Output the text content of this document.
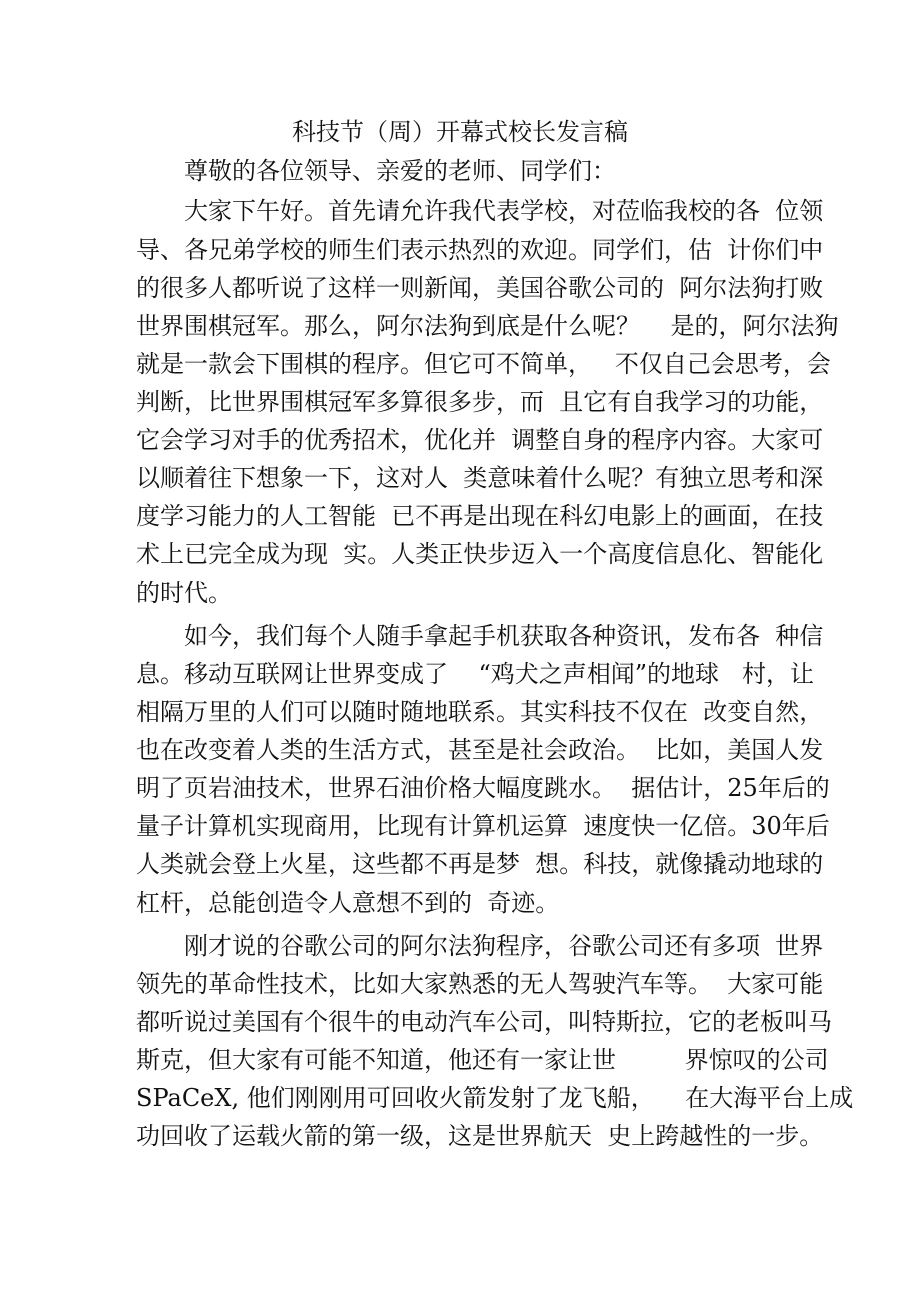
科技节（周）开幕式校长发言稿

尊敬的各位领导、亲爱的老师、同学们：

大家下午好。首先请允许我代表学校，对莅临我校的各  位领

导、各兄弟学校的师生们表示热烈的欢迎。同学们，估  计你们中

的很多人都听说了这样一则新闻，美国谷歌公司的  阿尔法狗打败

世界围棋冠军。那么，阿尔法狗到底是什么呢？    是的，阿尔法狗

就是一款会下围棋的程序。但它可不简单，   不仅自己会思考，会

判断，比世界围棋冠军多算很多步，而  且它有自我学习的功能，

它会学习对手的优秀招术，优化并  调整自身的程序内容。大家可

以顺着往下想象一下，这对人  类意味着什么呢？有独立思考和深

度学习能力的人工智能  已不再是出现在科幻电影上的画面，在技

术上已完全成为现  实。人类正快步迈入一个高度信息化、智能化

的时代。

如今，我们每个人随手拿起手机获取各种资讯，发布各  种信

息。移动互联网让世界变成了    “鸡犬之声相闻”的地球   村，让

相隔万里的人们可以随时随地联系。其实科技不仅在  改变自然，

也在改变着人类的生活方式，甚至是社会政治。  比如，美国人发

明了页岩油技术，世界石油价格大幅度跳水。  据估计，25年后的

量子计算机实现商用，比现有计算机运算  速度快一亿倍。30年后

人类就会登上火星，这些都不再是梦  想。科技，就像撬动地球的

杠杆，总能创造令人意想不到的  奇迹。

刚才说的谷歌公司的阿尔法狗程序，谷歌公司还有多项  世界

领先的革命性技术，比如大家熟悉的无人驾驶汽车等。  大家可能

都听说过美国有个很牛的电动汽车公司，叫特斯拉，它的老板叫马

斯克，但大家有可能不知道，他还有一家让世         界惊叹的公司

SPaCeX, 他们刚刚用可回收火箭发射了龙飞船，    在大海平台上成

功回收了运载火箭的第一级，这是世界航天  史上跨越性的一步。
